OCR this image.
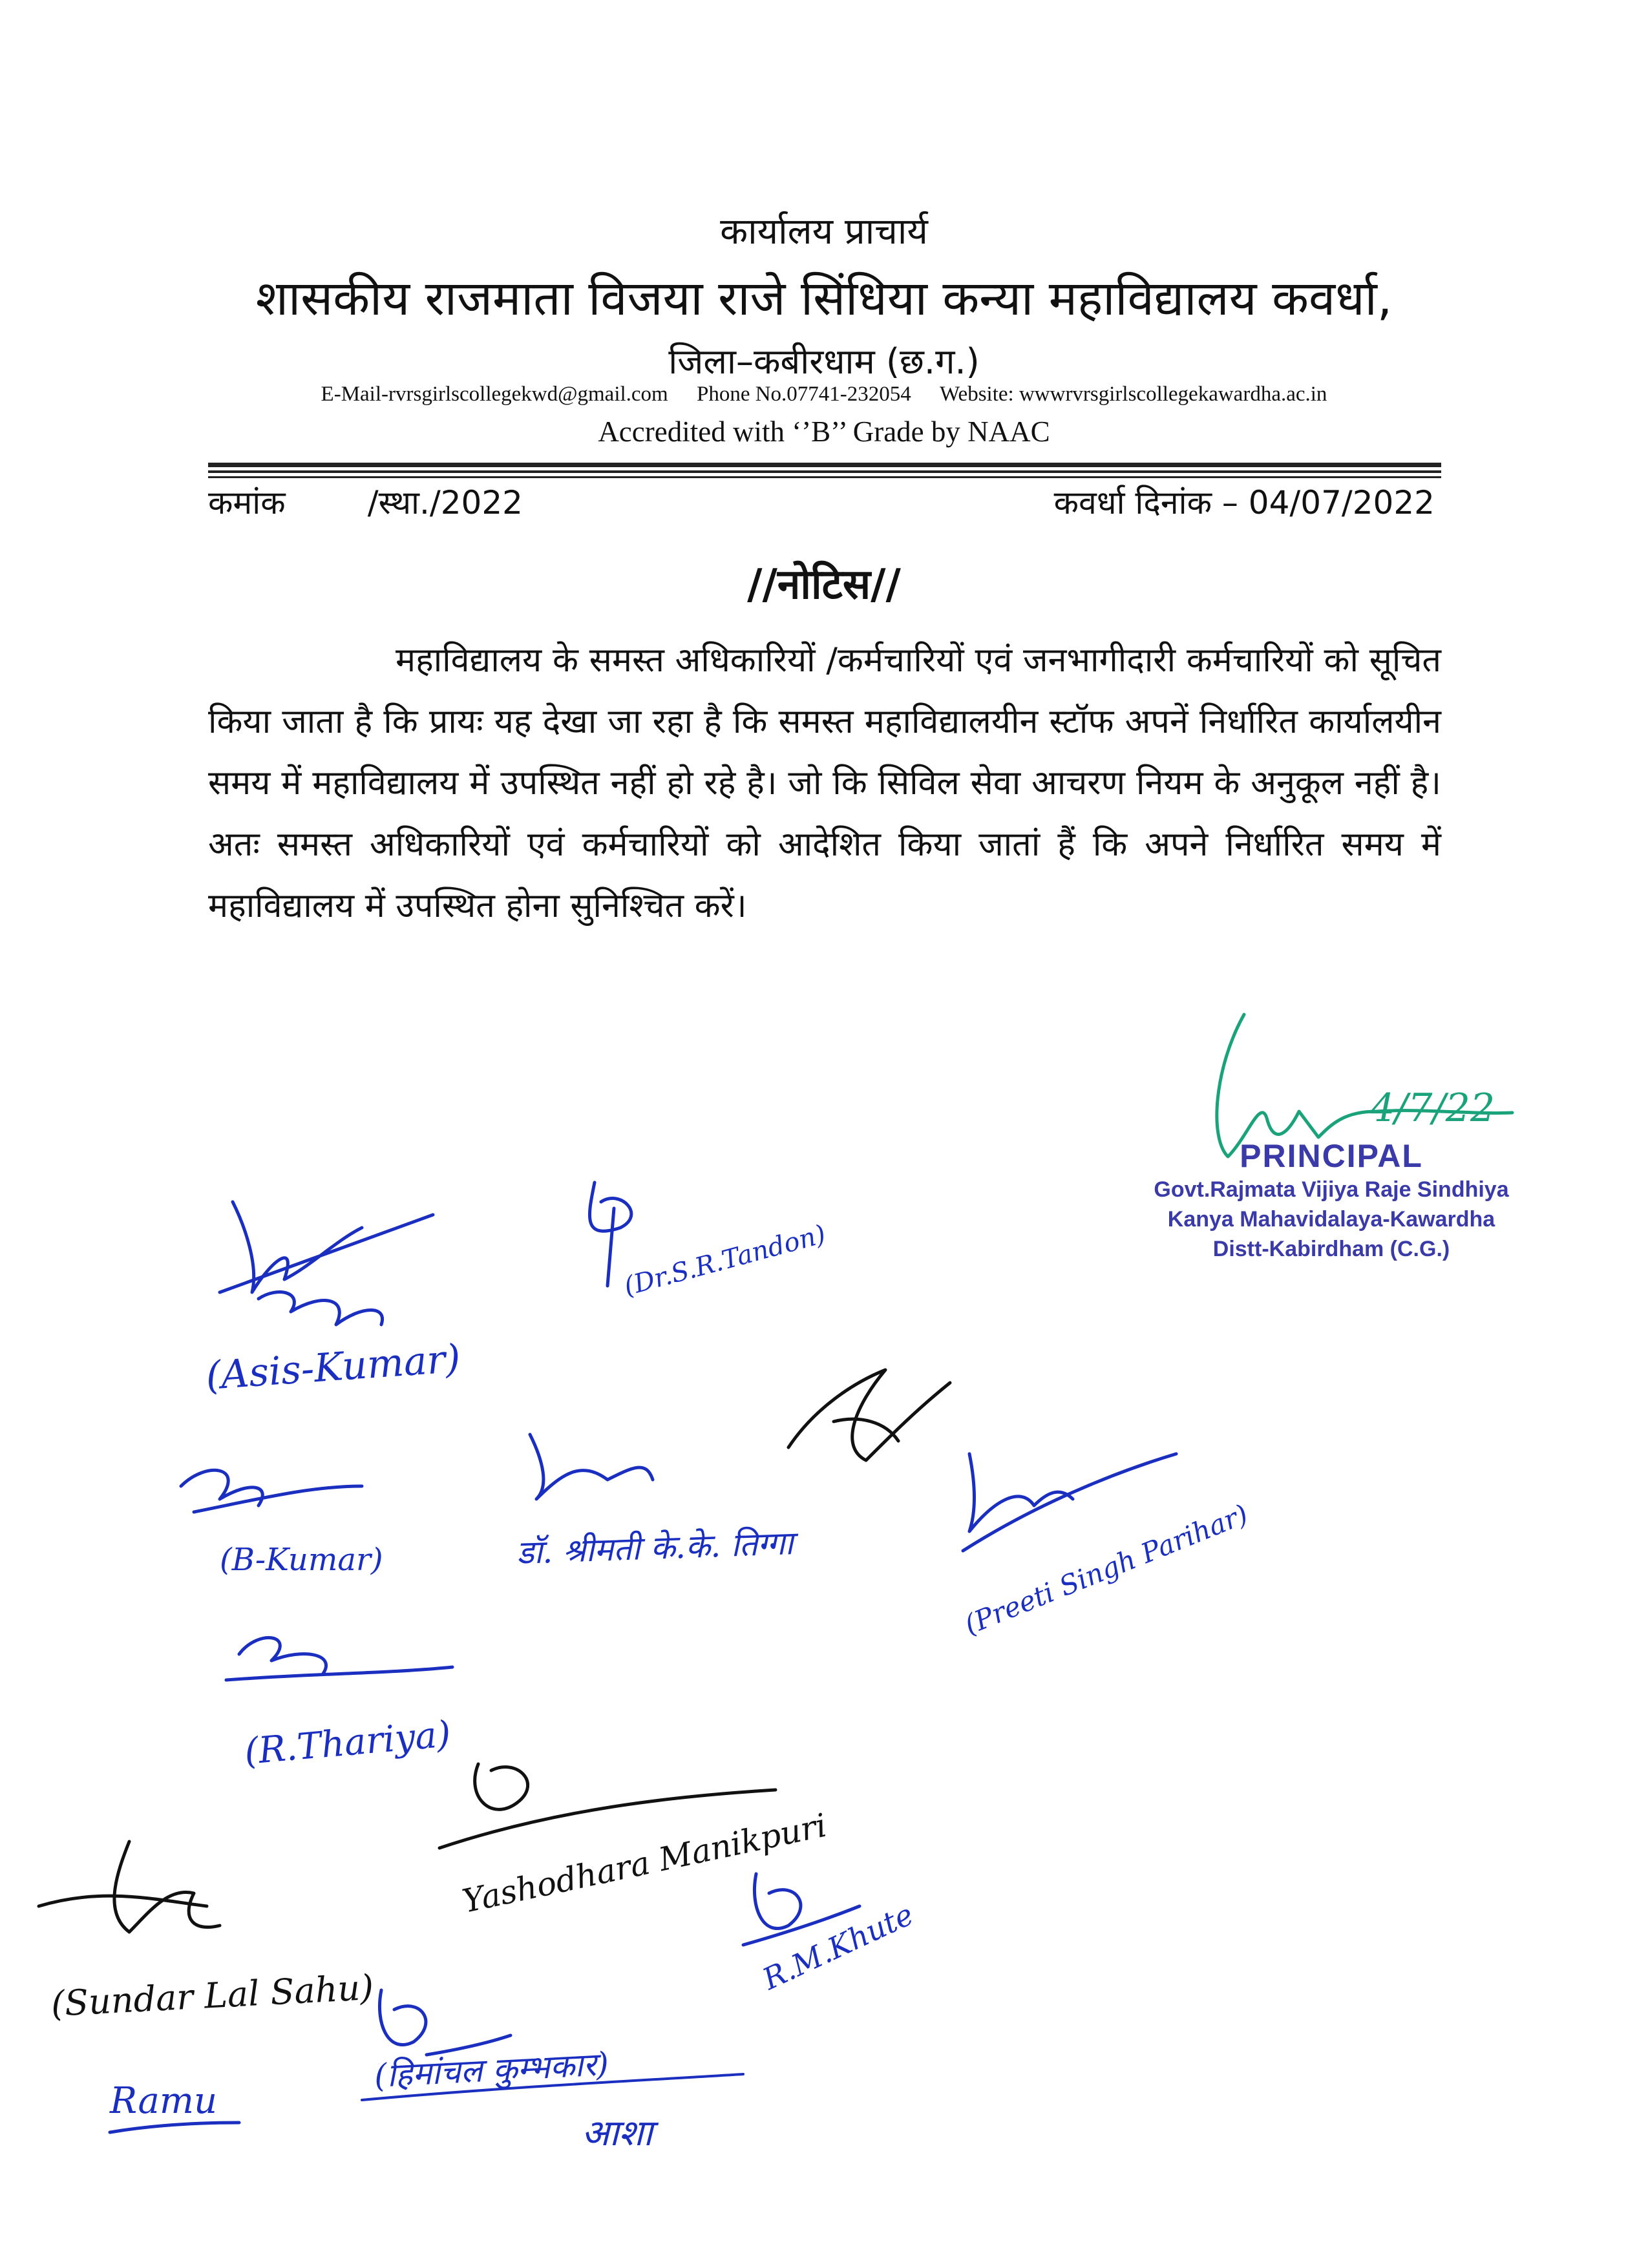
कार्यालय प्राचार्य
शासकीय राजमाता विजया राजे सिंधिया कन्या महाविद्यालय कवर्धा,
जिला–कबीरधाम (छ.ग.)
E-Mail-rvrsgirlscollegekwd@gmail.com Phone No.07741-232054 Website: wwwrvrsgirlscollegekawardha.ac.in
Accredited with ‘’B’’ Grade by NAAC
कमांक        /स्था./2022	कवर्धा दिनांक – 04/07/2022
//नोटिस//
महाविद्यालय के समस्त अधिकारियों /कर्मचारियों एवं जनभागीदारी कर्मचारियों को सूचित किया जाता है कि प्रायः यह देखा जा रहा है कि समस्त महाविद्यालयीन स्टॉफ अपनें निर्धारित कार्यालयीन समय में महाविद्यालय में उपस्थित नहीं हो रहे है। जो कि सिविल सेवा आचरण नियम के अनुकूल नहीं है। अतः समस्त अधिकारियों एवं कर्मचारियों को आदेशित किया जातां हैं कि अपने निर्धारित समय में महाविद्यालय में उपस्थित होना सुनिश्चित करें।
PRINCIPAL
Govt.Rajmata Vijiya Raje Sindhiya
Kanya Mahavidalaya-Kawardha
Distt-Kabirdham (C.G.)
4/7/22
(Dr.S.R.Tandon)
(Asis-Kumar)
(B-Kumar)	डॉ. श्रीमती के.के. तिग्गा	(Preeti Singh Parihar)
(R.Thariya)
Yashodhara Manikpuri
(Sundar Lal Sahu)	R.M.Khute
(हिमांचल कुम्भकार)
Ramu
आशा
